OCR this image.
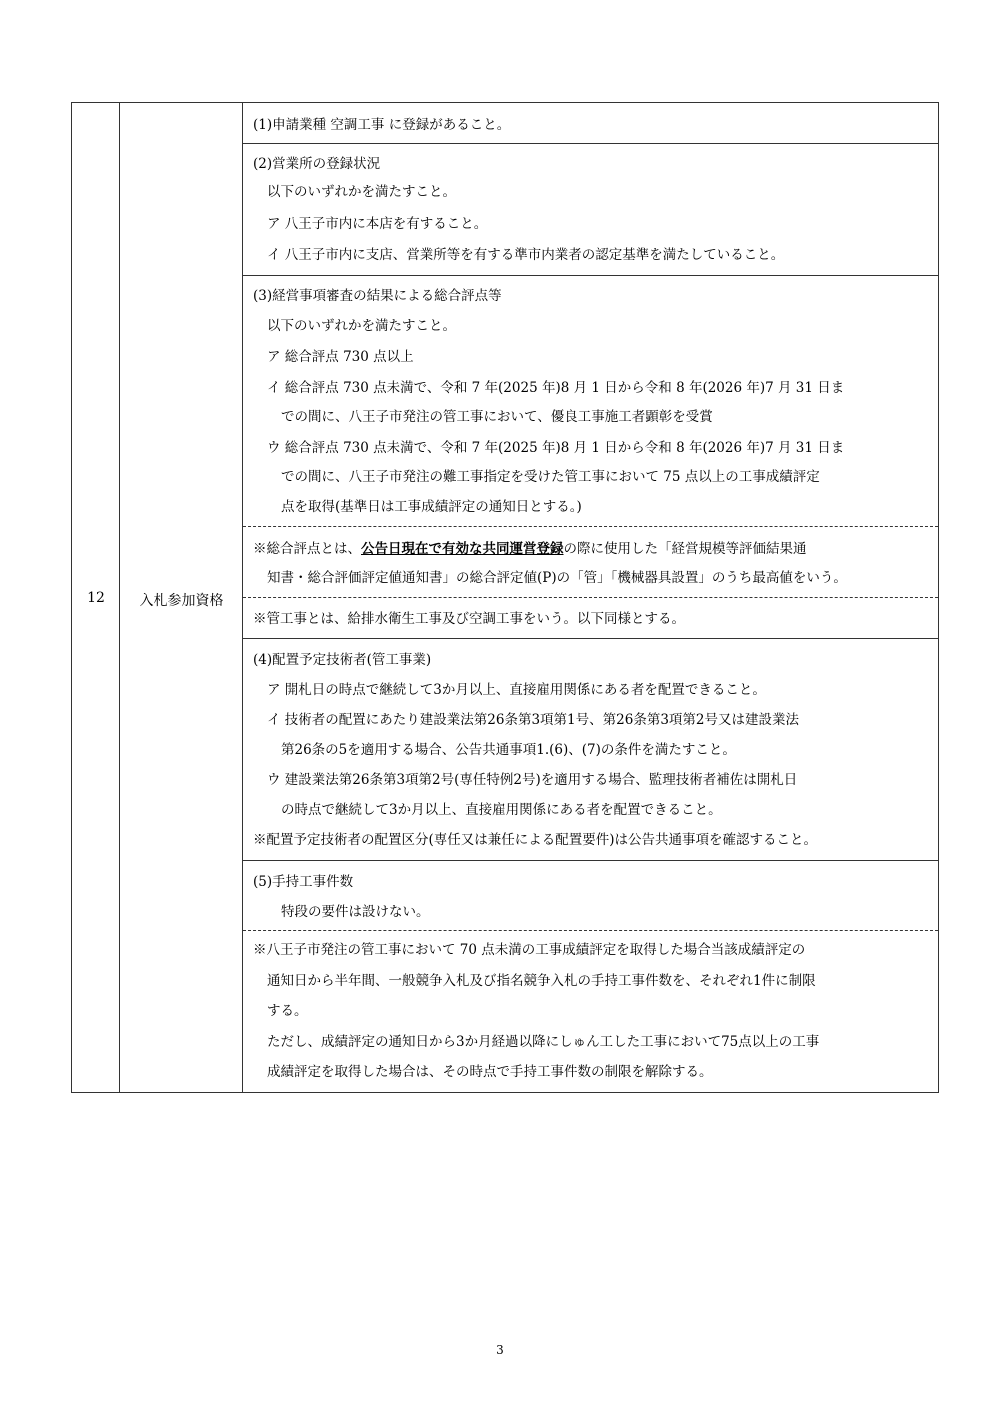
12	入札参加資格
(1)申請業種 空調工事 に登録があること。
(2)営業所の登録状況
以下のいずれかを満たすこと。
ア 八王子市内に本店を有すること。
イ 八王子市内に支店、営業所等を有する準市内業者の認定基準を満たしていること。
(3)経営事項審査の結果による総合評点等
以下のいずれかを満たすこと。
ア 総合評点 730 点以上
イ 総合評点 730 点未満で、令和 7 年(2025 年)8 月 1 日から令和 8 年(2026 年)7 月 31 日ま
での間に、八王子市発注の管工事において、優良工事施工者顕彰を受賞
ウ 総合評点 730 点未満で、令和 7 年(2025 年)8 月 1 日から令和 8 年(2026 年)7 月 31 日ま
での間に、八王子市発注の難工事指定を受けた管工事において 75 点以上の工事成績評定
点を取得(基準日は工事成績評定の通知日とする。)
※総合評点とは、公告日現在で有効な共同運営登録の際に使用した「経営規模等評価結果通
知書・総合評価評定値通知書」の総合評定値(P)の「管」「機械器具設置」のうち最高値をいう。
※管工事とは、給排水衛生工事及び空調工事をいう。以下同様とする。
(4)配置予定技術者(管工事業)
ア 開札日の時点で継続して3か月以上、直接雇用関係にある者を配置できること。
イ 技術者の配置にあたり建設業法第26条第3項第1号、第26条第3項第2号又は建設業法
第26条の5を適用する場合、公告共通事項1.(6)、(7)の条件を満たすこと。
ウ 建設業法第26条第3項第2号(専任特例2号)を適用する場合、監理技術者補佐は開札日
の時点で継続して3か月以上、直接雇用関係にある者を配置できること。
※配置予定技術者の配置区分(専任又は兼任による配置要件)は公告共通事項を確認すること。
(5)手持工事件数
特段の要件は設けない。
※八王子市発注の管工事において 70 点未満の工事成績評定を取得した場合当該成績評定の
通知日から半年間、一般競争入札及び指名競争入札の手持工事件数を、それぞれ1件に制限
する。
ただし、成績評定の通知日から3か月経過以降にしゅん工した工事において75点以上の工事
成績評定を取得した場合は、その時点で手持工事件数の制限を解除する。
3
